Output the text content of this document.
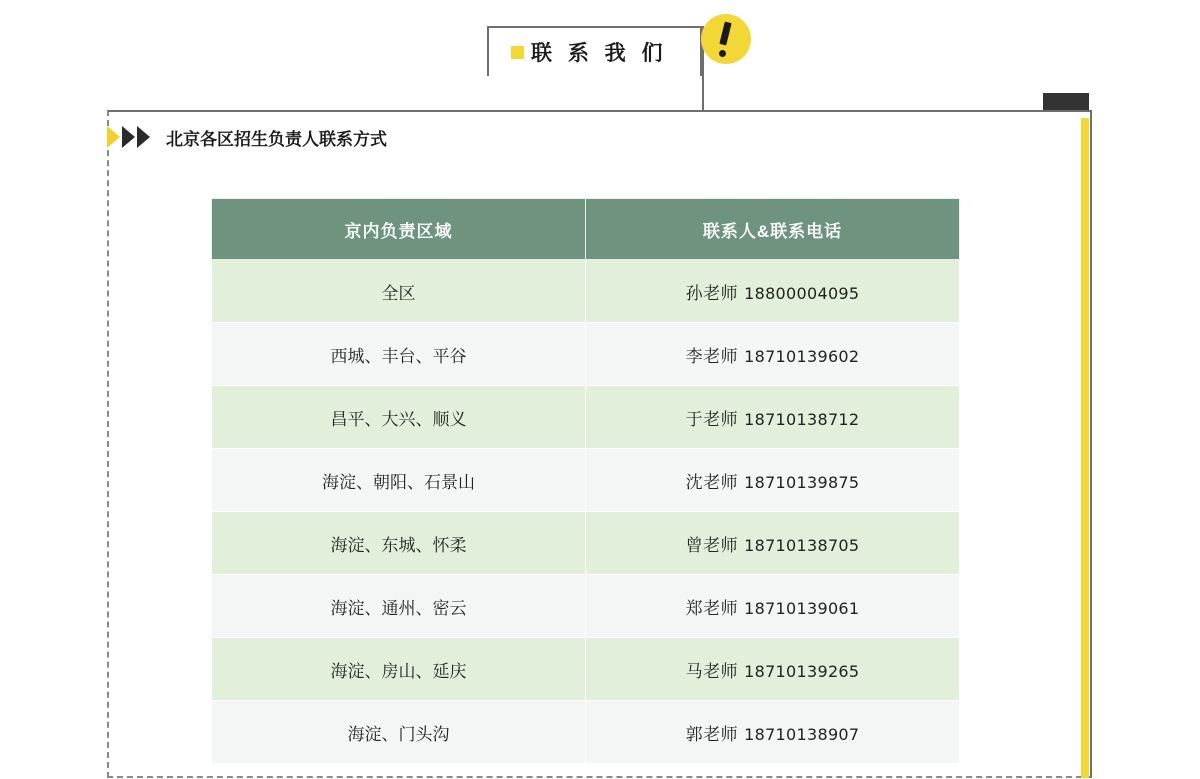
联 系 我 们
北京各区招生负责人联系方式
京内负责区域	联系人&联系电话
全区	孙老师 18800004095
西城、丰台、平谷	李老师 18710139602
昌平、大兴、顺义	于老师 18710138712
海淀、朝阳、石景山	沈老师 18710139875
海淀、东城、怀柔	曾老师 18710138705
海淀、通州、密云	郑老师 18710139061
海淀、房山、延庆	马老师 18710139265
海淀、门头沟	郭老师 18710138907
